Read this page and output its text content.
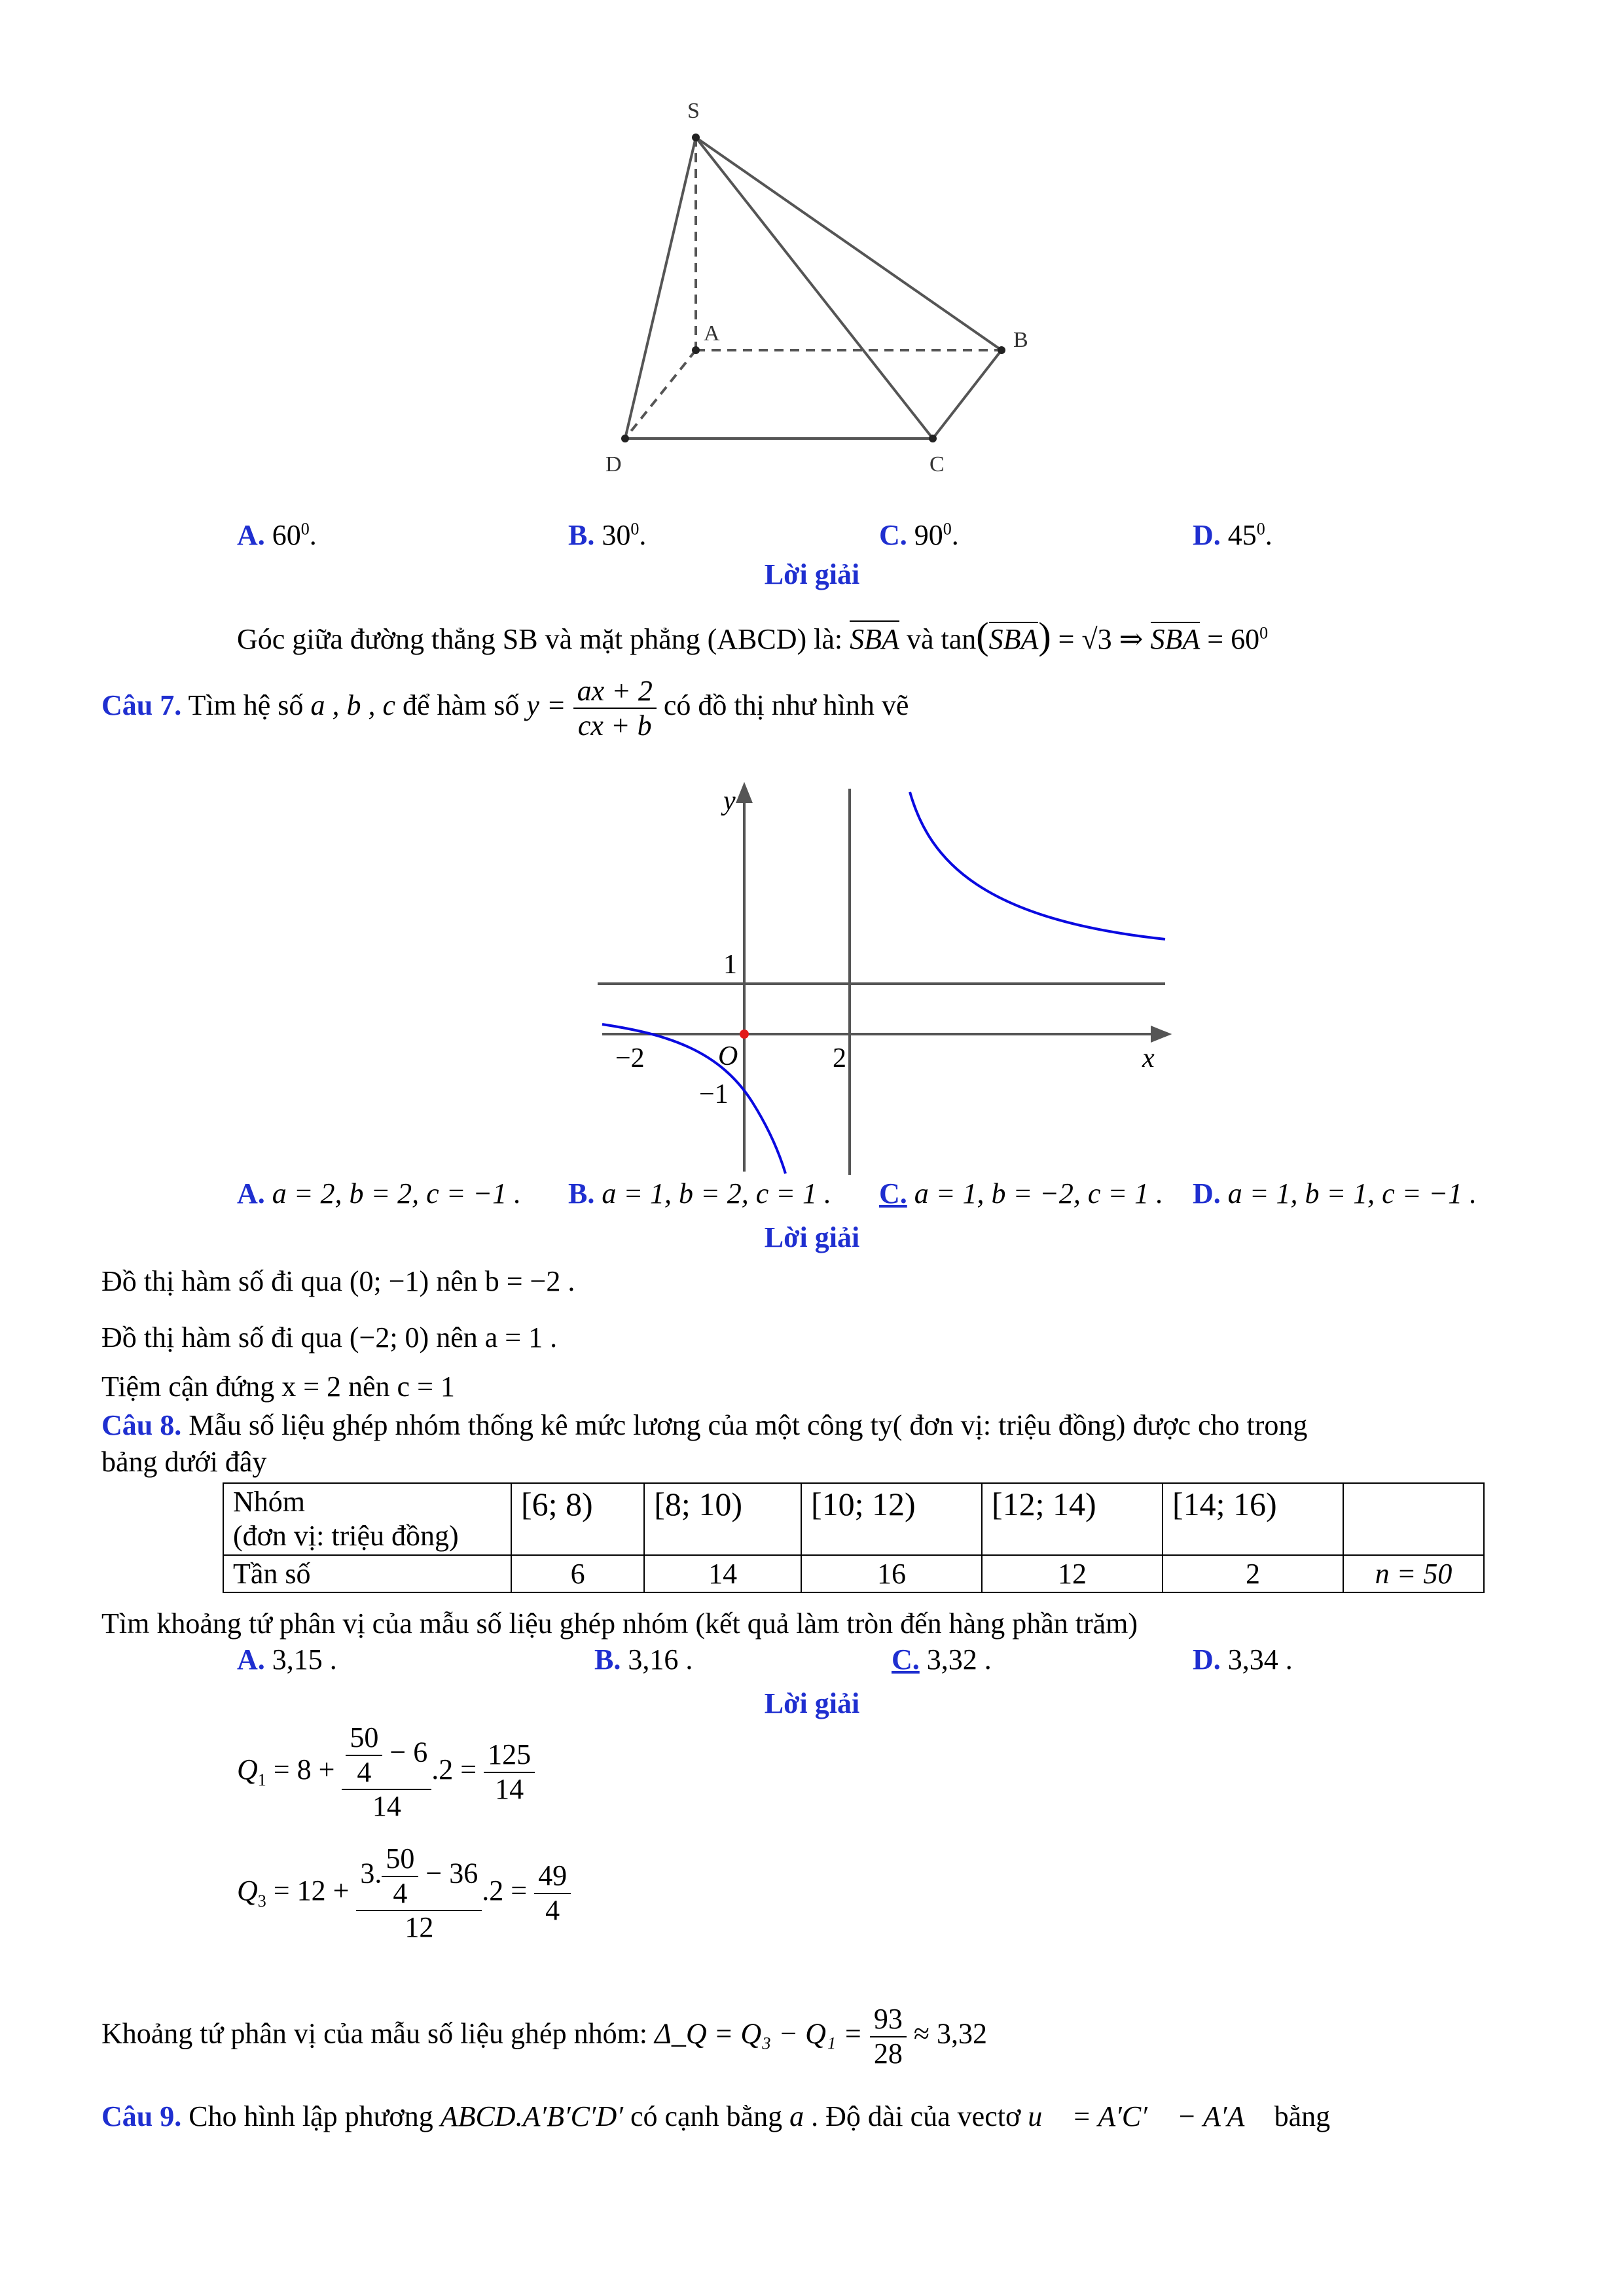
S
A	B
C
D
A. $60^0$.	B. $30^0$.	C. $90^0$.	D. $45^0$.
Lời giải
Góc giữa đường thẳng SB và mặt phẳng (ABCD) là: SBA và tan(SBA) = √3 ⇒ SBA = $60^0$
Câu 7. Tìm hệ số a , b , c để hàm số $y = \frac{ax + 2}{cx + b}$ có đồ thị như hình vẽ
y
x
O
1
−1
−2	2
A. a = 2, b = 2, c = −1 . B. a = 1, b = 2, c = 1 . C. a = 1, b = −2, c = 1 . D. a = 1, b = 1, c = −1 .
Lời giải
Đồ thị hàm số đi qua (0; −1) nên b = −2 .
Đồ thị hàm số đi qua (−2; 0) nên a = 1 .
Tiệm cận đứng x = 2 nên c = 1
Câu 8. Mẫu số liệu ghép nhóm thống kê mức lương của một công ty( đơn vị: triệu đồng) được cho trong
bảng dưới đây
Nhóm
(đơn vị: triệu đồng)	[6; 8)	[8; 10)	[10; 12)	[12; 14)	[14; 16)	
Tần số	6	14	16	12	2	n = 50
Tìm khoảng tứ phân vị của mẫu số liệu ghép nhóm (kết quả làm tròn đến hàng phần trăm)
A. 3,15 .	B. 3,16 .	C. 3,32 .	D. 3,34 .
Lời giải
$Q_1 = 8 + \frac{\frac{50}{4} - 6}{14} .2 = \frac{125}{14}$
$Q_3 = 12 + \frac{3. \frac{50}{4} - 36}{12} .2 = \frac{49}{4}$
Khoảng tứ phân vị của mẫu số liệu ghép nhóm: Δ_Q = $Q_3 - Q_1 = \frac{93}{28} \approx 3,32$
Câu 9. Cho hình lập phương ABCD.A′B′C′D′ có cạnh bằng a . Độ dài của vectơ u⃗ = A′C′⃗ − A′A⃗ bằng
